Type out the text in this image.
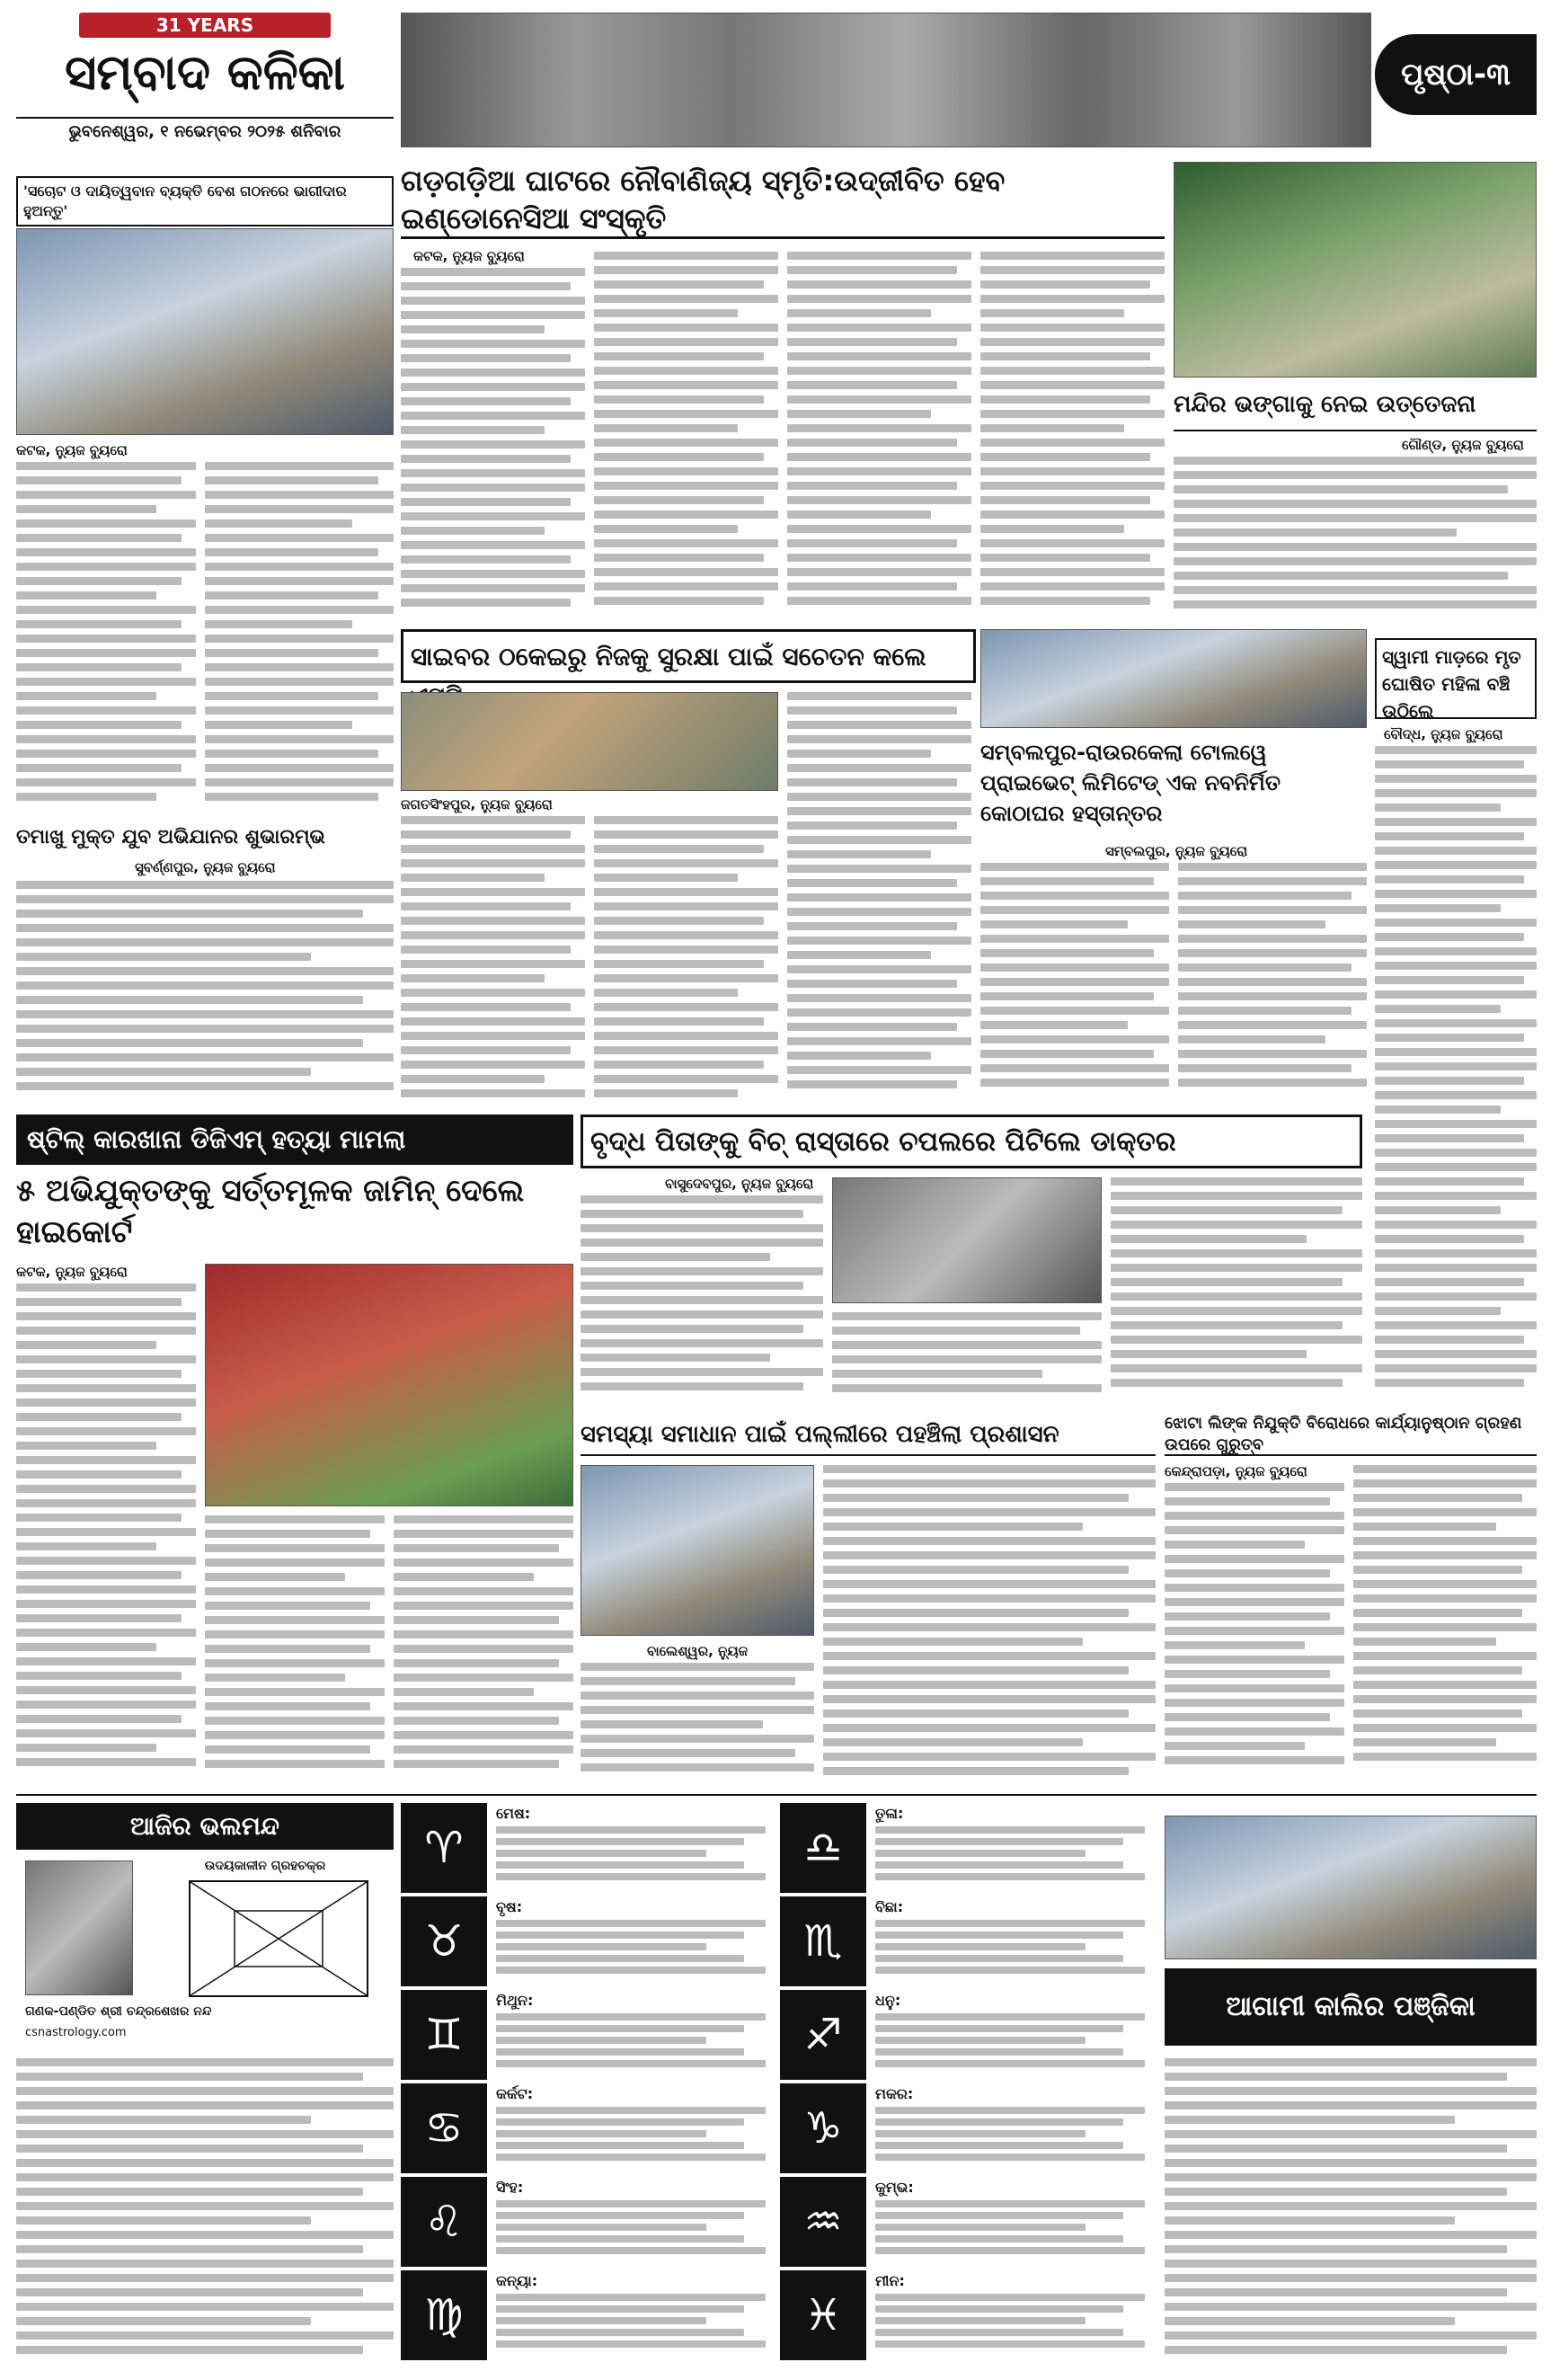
31 YEARS
ସମ୍ବାଦ କଳିକା
ଭୁବନେଶ୍ୱର, ୧ ନଭେମ୍ବର ୨୦୨୫ ଶନିବାର
ପୃଷ୍ଠା-୩
'ସଚୋଟ ଓ ଦାୟିତ୍ୱବାନ ବ୍ୟକ୍ତି ବେଶ ଗଠନରେ ଭାଗୀଦାର ହୁଅନ୍ତୁ'
କଟକ, ନ୍ୟୁଜ ବ୍ୟୁରୋ
ତମାଖୁ ମୁକ୍ତ ଯୁବ ଅଭିଯାନର ଶୁଭାରମ୍ଭ
ସୁବର୍ଣ୍ଣପୁର, ନ୍ୟୁଜ ବ୍ୟୁରୋ
ଗଡ଼ଗଡ଼ିଆ ଘାଟରେ ନୌବାଣିଜ୍ୟ ସ୍ମୃତି:ଉଦ୍‌ଜୀବିତ ହେବ ଇଣ୍ଡୋନେସିଆ ସଂସ୍କୃତି
କଟକ, ନ୍ୟୁଜ ବ୍ୟୁରୋ
ମନ୍ଦିର ଭଙ୍ଗାକୁ ନେଇ ଉତ୍ତେଜନା
ଗୌଣ୍ଡ, ନ୍ୟୁଜ ବ୍ୟୁରୋ
ସାଇବର ଠକେଇରୁ ନିଜକୁ ସୁରକ୍ଷା ପାଇଁ ସଚେତନ କଲେ
ଜଗତସିଂହପୁର, ନ୍ୟୁଜ ବ୍ୟୁରୋ
ସମ୍ବଲପୁର-ରାଉରକେଲା ଟୋଲୱେ ପ୍ରାଇଭେଟ୍ ଲିମିଟେଡ୍ ଏକ ନବନିର୍ମିତ କୋଠାଘର ହସ୍ତାନ୍ତର
ସମ୍ବଲପୁର, ନ୍ୟୁଜ ବ୍ୟୁରୋ
ସ୍ୱାମୀ ମାଡ଼ରେ ମୃତ ଘୋଷିତ ମହିଳା ବଞ୍ଚି ଉଠିଲେ
ବୌଦ୍ଧ, ନ୍ୟୁଜ ବ୍ୟୁରୋ
ଷ୍ଟିଲ୍ କାରଖାନା ଡିଜିଏମ୍ ହତ୍ୟା ମାମଲା
୫ ଅଭିଯୁକ୍ତଙ୍କୁ ସର୍ତ୍ତମୂଳକ ଜାମିନ୍ ଦେଲେ ହାଇକୋର୍ଟ
କଟକ, ନ୍ୟୁଜ ବ୍ୟୁରୋ
ବୃଦ୍ଧ ପିତାଙ୍କୁ ବିଚ୍ ରାସ୍ତାରେ ଚପଲରେ ପିଟିଲେ ଡାକ୍ତର
ବାସୁଦେବପୁର, ନ୍ୟୁଜ ବ୍ୟୁରୋ
ସମସ୍ୟା ସମାଧାନ ପାଇଁ ପଲ୍ଲୀରେ ପହଞ୍ଚିଲା ପ୍ରଶାସନ
ବାଲେଶ୍ୱର, ନ୍ୟୁଜ
ଝୋଟା ଲିଙ୍କ ନିଯୁକ୍ତି ବିରୋଧରେ କାର୍ଯ୍ୟାନୁଷ୍ଠାନ ଗ୍ରହଣ ଉପରେ ଗୁରୁତ୍ବ
କେନ୍ଦ୍ରାପଡ଼ା, ନ୍ୟୁଜ ବ୍ୟୁରୋ
ଆଜିର ଭଲମନ୍ଦ
ଉଦୟକାଳୀନ ଗ୍ରହଚକ୍ର
ଗଣକ-ପଣ୍ଡିତ ଶ୍ରୀ ଚନ୍ଦ୍ରଶେଖର ନନ୍ଦ
csnastrology.com
♈
ମେଷ:
♉
ବୃଷ:
♊
ମିଥୁନ:
♋
କର୍କଟ:
♌
ସିଂହ:
♍
କନ୍ୟା:
♎
ତୁଳା:
♏
ବିଛା:
♐
ଧନୁ:
♑
ମକର:
♒
କୁମ୍ଭ:
♓
ମୀନ:
ଆଗାମୀ କାଲିର ପଞ୍ଜିକା
